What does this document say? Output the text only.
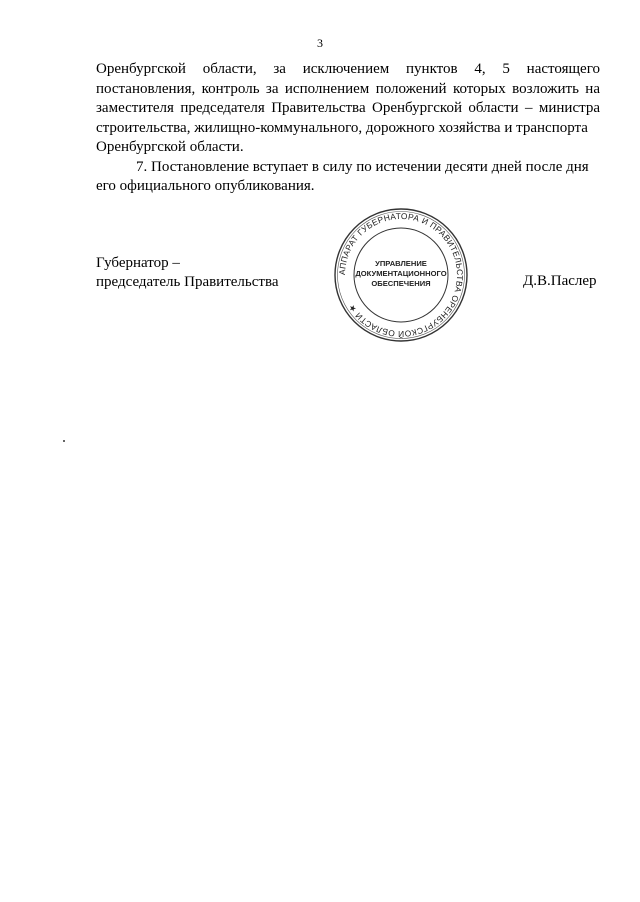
3

Оренбургской области, за исключением пунктов 4, 5 настоящего постановления, контроль за исполнением положений которых возложить на заместителя председателя Правительства Оренбургской области – министра строительства, жилищно-коммунального, дорожного хозяйства и транспорта
Оренбургской области.

7. Постановление вступает в силу по истечении десяти дней после дня
его официального опубликования.

Губернатор –
председатель Правительства	Д.В.Паслер
АППАРАТ ГУБЕРНАТОРА И ПРАВИТЕЛЬСТВА ОРЕНБУРГСКОЙ ОБЛАСТИ ★
УПРАВЛЕНИЕ
ДОКУМЕНТАЦИОННОГО
ОБЕСПЕЧЕНИЯ
